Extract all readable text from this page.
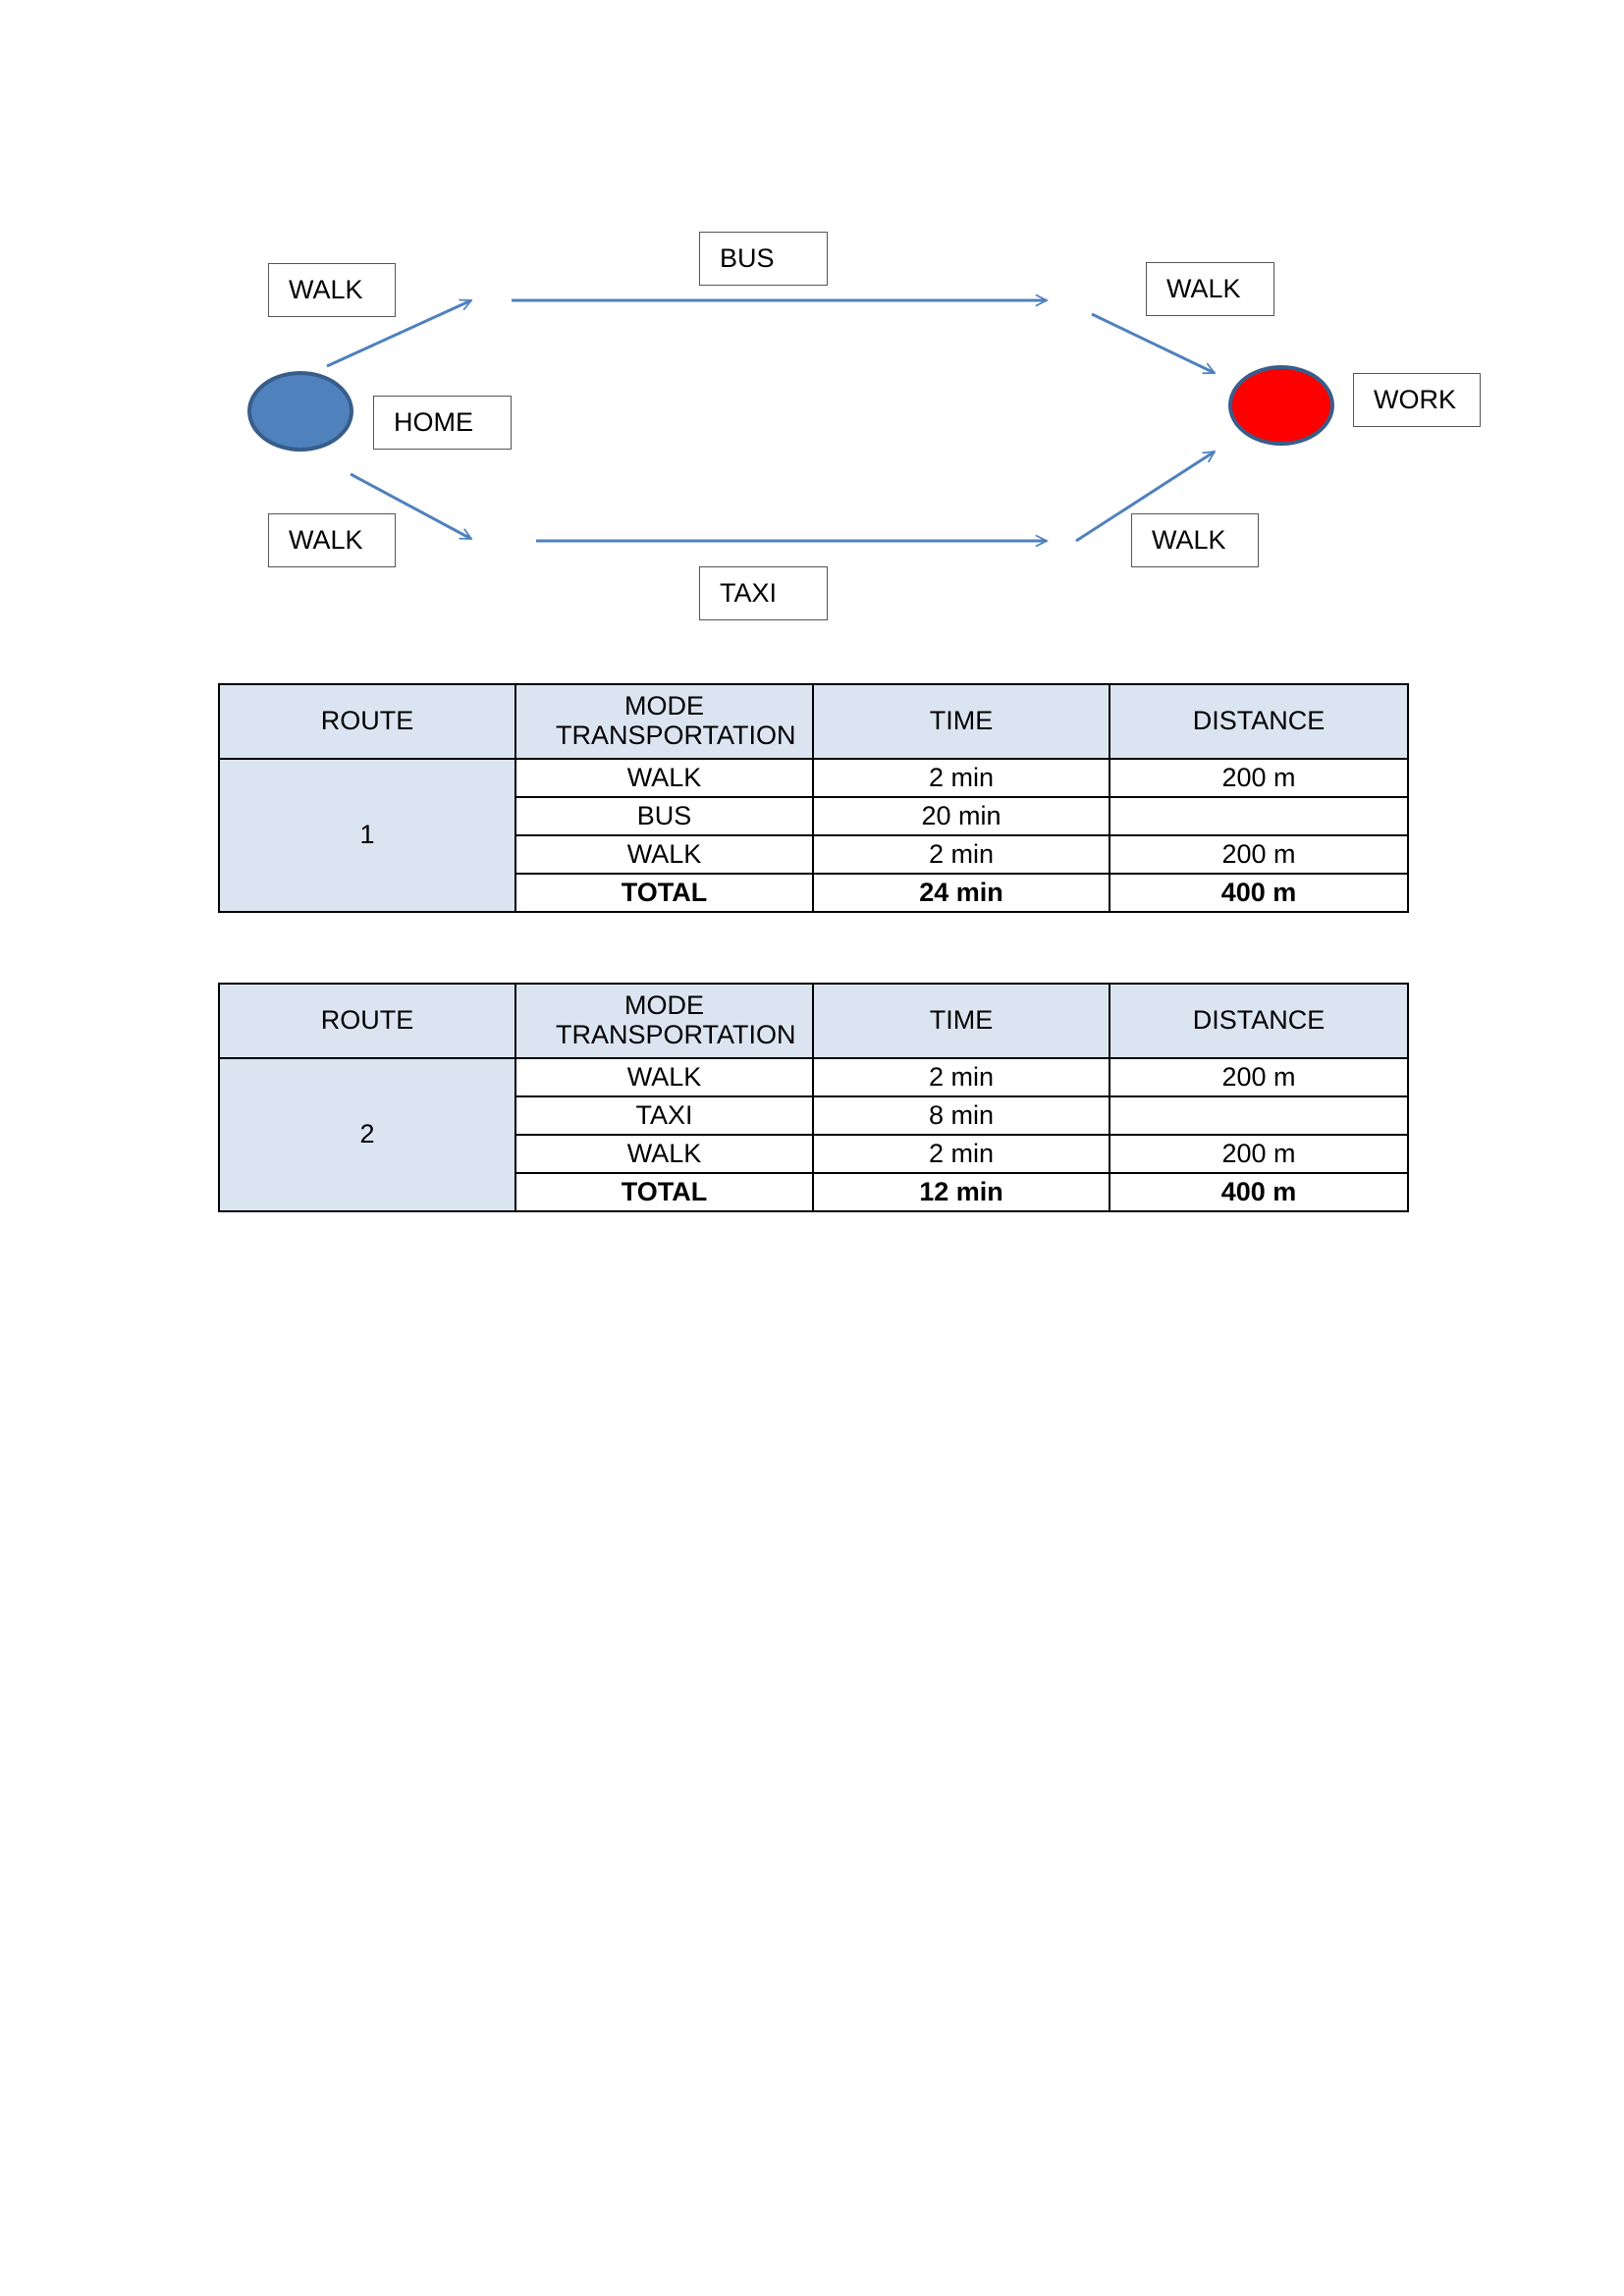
WALK
BUS
WALK
HOME
WORK
WALK
TAXI
WALK
ROUTE	MODE TRANSPORTATION	TIME	DISTANCE
1	WALK	2 min	200 m
	BUS	20 min	
	WALK	2 min	200 m
	TOTAL	24 min	400 m
ROUTE	MODE TRANSPORTATION	TIME	DISTANCE
2	WALK	2 min	200 m
	TAXI	8 min	
	WALK	2 min	200 m
	TOTAL	12 min	400 m
